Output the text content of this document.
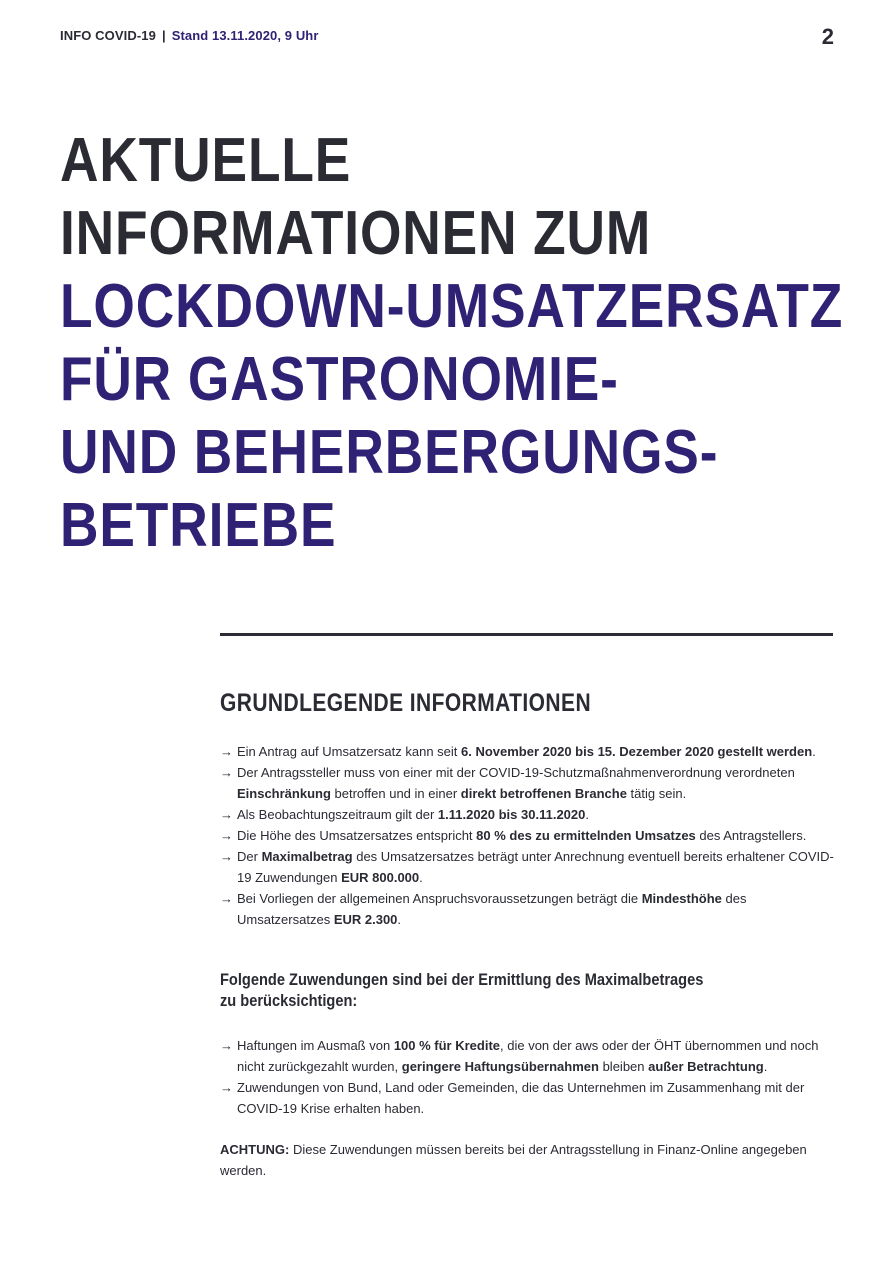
INFO COVID-19 | Stand 13.11.2020, 9 Uhr	2
AKTUELLE
INFORMATIONEN ZUM
LOCKDOWN-UMSATZERSATZ
FÜR GASTRONOMIE-
UND BEHERBERGUNGS-
BETRIEBE
GRUNDLEGENDE INFORMATIONEN
→ Ein Antrag auf Umsatzersatz kann seit 6. November 2020 bis 15. Dezember 2020 gestellt werden.
→ Der Antragssteller muss von einer mit der COVID-19-Schutzmaßnahmenverordnung verordneten Einschränkung betroffen und in einer direkt betroffenen Branche tätig sein.
→ Als Beobachtungszeitraum gilt der 1.11.2020 bis 30.11.2020.
→ Die Höhe des Umsatzersatzes entspricht 80 % des zu ermittelnden Umsatzes des Antragstellers.
→ Der Maximalbetrag des Umsatzersatzes beträgt unter Anrechnung eventuell bereits erhaltener COVID-19 Zuwendungen EUR 800.000.
→ Bei Vorliegen der allgemeinen Anspruchsvoraussetzungen beträgt die Mindesthöhe des Umsatzersatzes EUR 2.300.
Folgende Zuwendungen sind bei der Ermittlung des Maximalbetrages
zu berücksichtigen:
→ Haftungen im Ausmaß von 100 % für Kredite, die von der aws oder der ÖHT übernommen und noch nicht zurückgezahlt wurden, geringere Haftungsübernahmen bleiben außer Betrachtung.
→ Zuwendungen von Bund, Land oder Gemeinden, die das Unternehmen im Zusammenhang mit der COVID-19 Krise erhalten haben.

ACHTUNG: Diese Zuwendungen müssen bereits bei der Antragsstellung in Finanz-Online angegeben werden.
